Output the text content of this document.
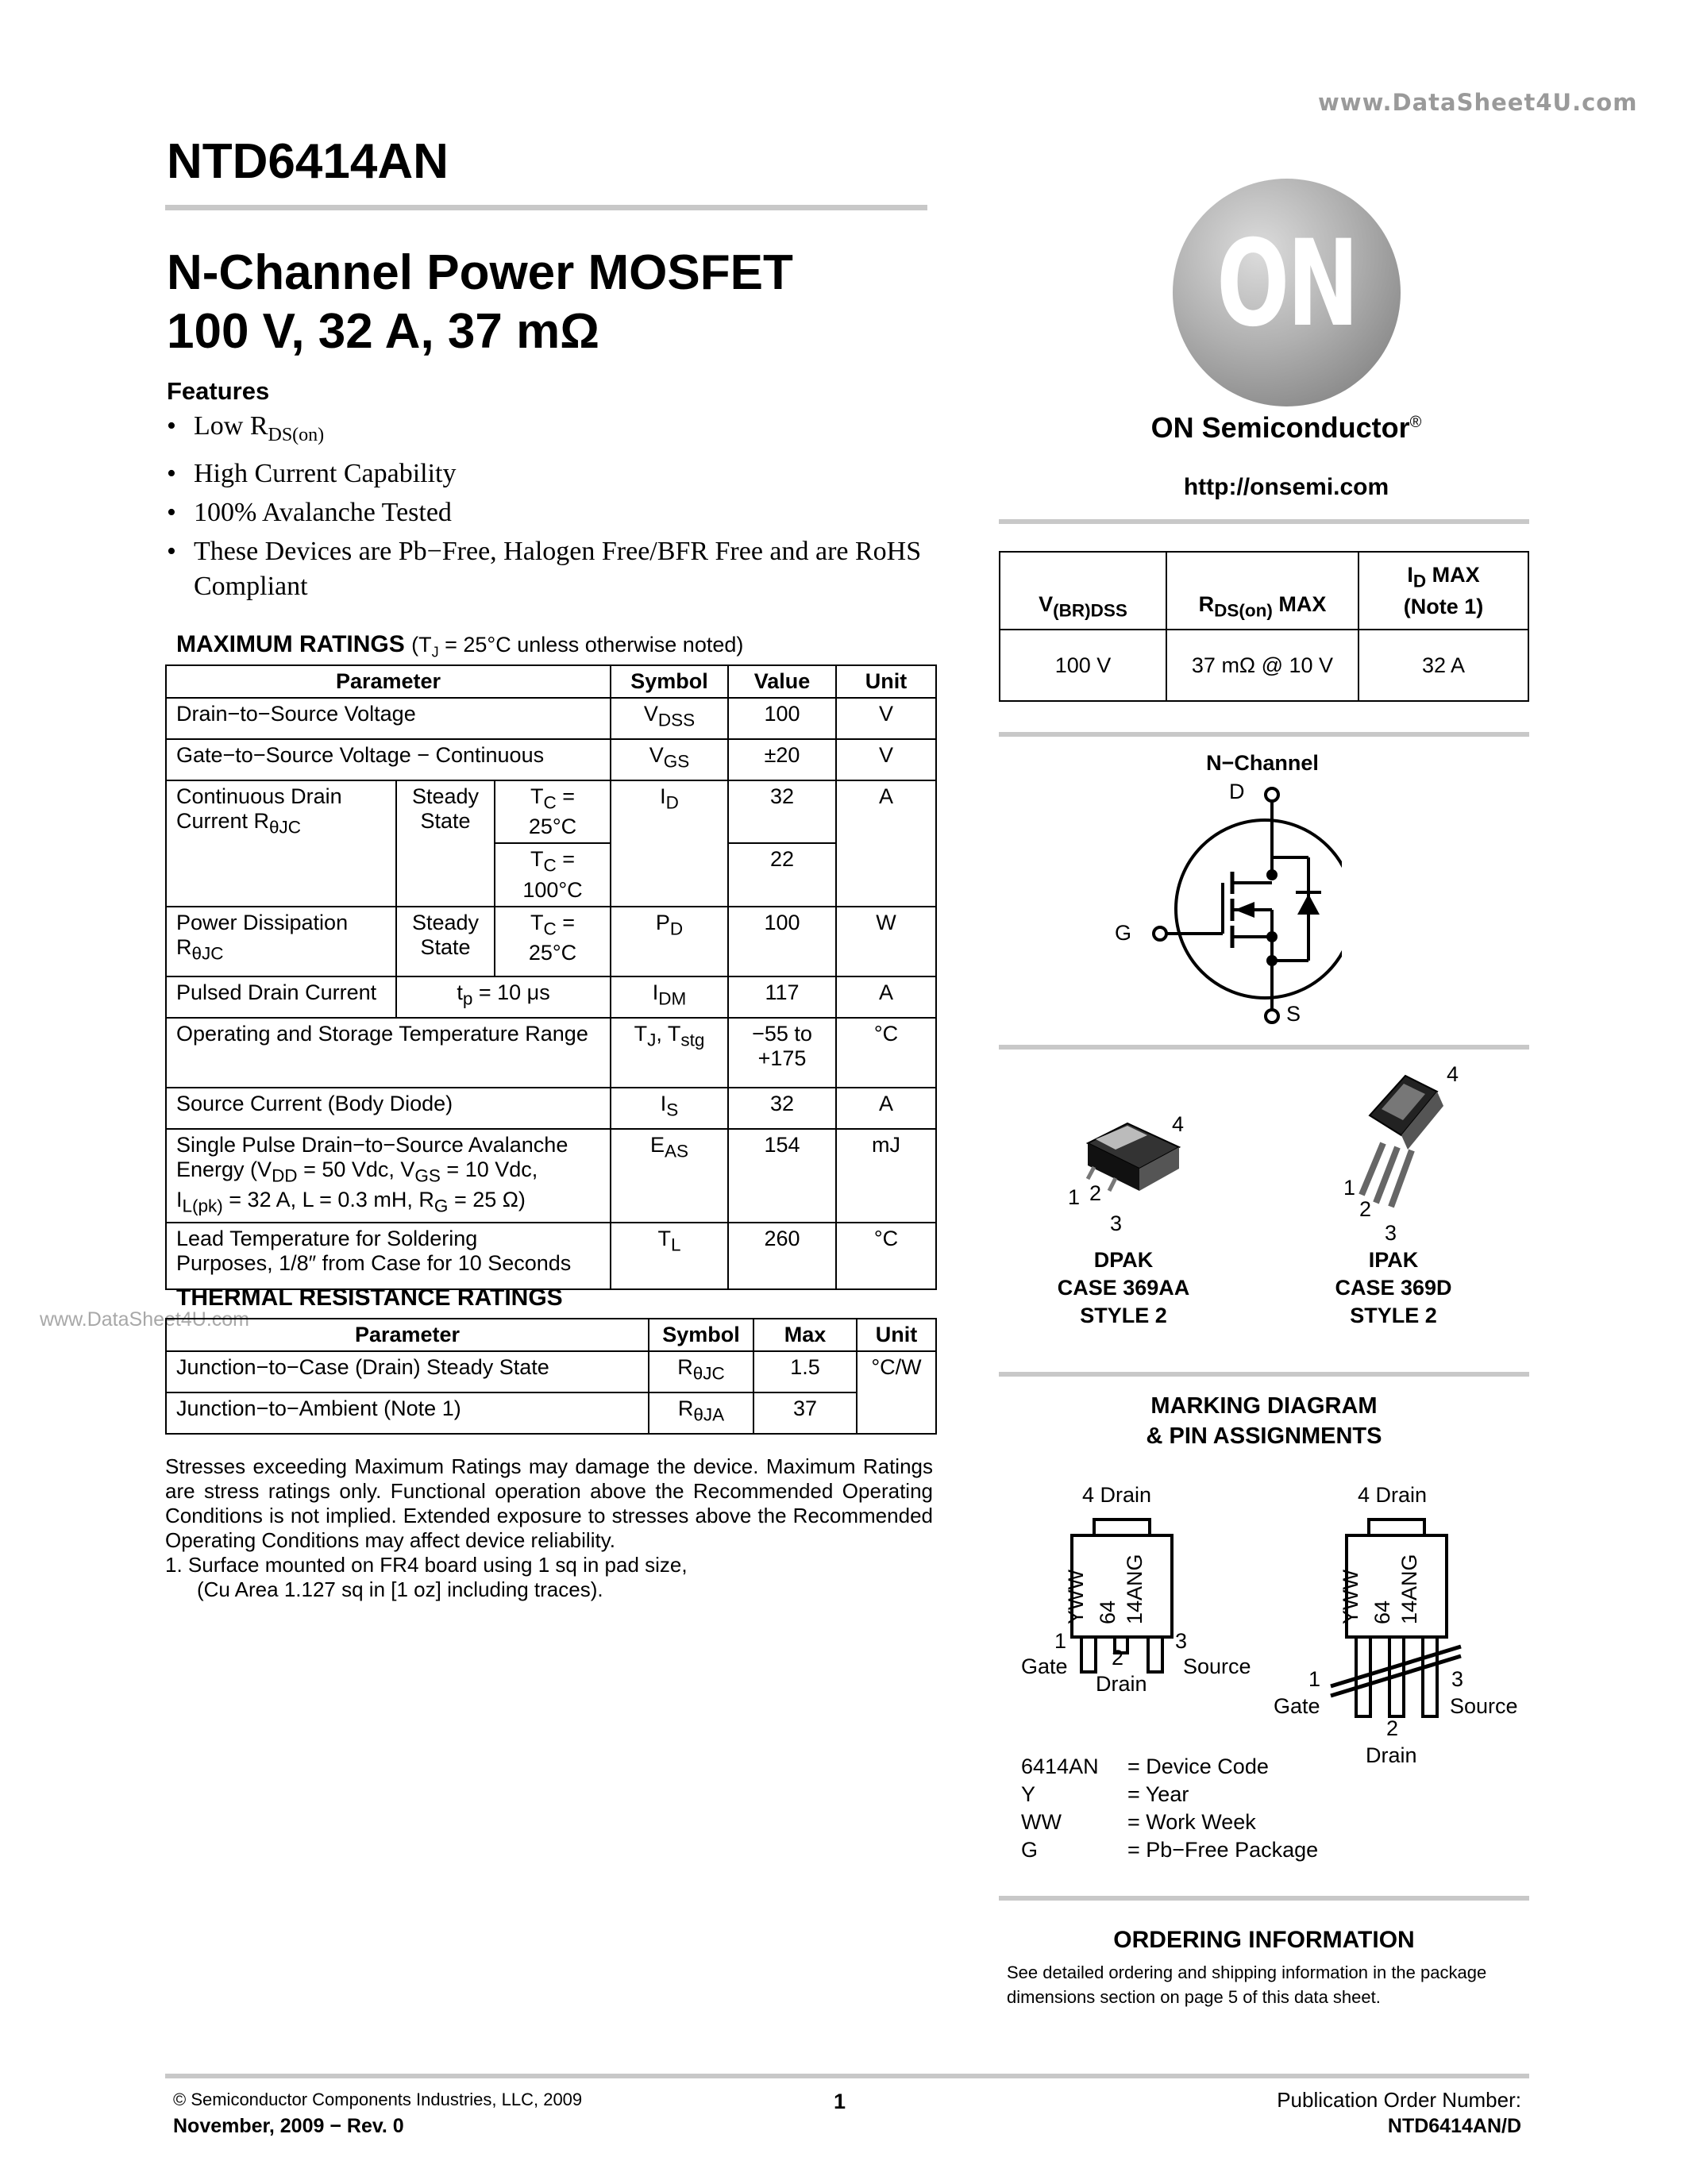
www.DataSheet4U.com
www.DataSheet4U.com
NTD6414AN
N-Channel Power MOSFET
100 V, 32 A, 37 mΩ
Features
• Low $R_{DS(on)}$
• High Current Capability
• 100% Avalanche Tested
• These Devices are Pb−Free, Halogen Free/BFR Free and are RoHS Compliant
MAXIMUM RATINGS ($T_J = 25^\circ C$ unless otherwise noted)
Parameter			Symbol	Value	Unit
Drain−to−Source Voltage			$V_{DSS}$	100	V
Gate−to−Source Voltage − Continuous			$V_{GS}$	±20	V

Continuous Drain
Current $R_{\theta JC}$	Steady State	$T_C = 25^\circ C$	$I_D$	32	A
		$T_C = 100^\circ C$		22	

Power Dissipation
$R_{\theta JC}$	Steady State	$T_C = 25^\circ C$	$P_D$	100	W
Pulsed Drain Current	$t_p = 10$ μs		$I_{DM}$	117	A
Operating and Storage Temperature Range			$T_J$, $T_{stg}$	−55 to +175	°C
Source Current (Body Diode)			$I_S$	32	A

Single Pulse Drain−to−Source Avalanche
Energy ($V_{DD} = 50$ Vdc, $V_{GS} = 10$ Vdc,
$I_{L(pk)} = 32$ A, L = 0.3 mH, $R_G = 25$ Ω)			$E_{AS}$	154	mJ

Lead Temperature for Soldering
Purposes, 1/8″ from Case for 10 Seconds			$T_L$	260	°C
THERMAL RESISTANCE RATINGS
Parameter	Symbol	Max	Unit
Junction−to−Case (Drain) Steady State	$R_{\theta JC}$	1.5	°C/W
Junction−to−Ambient (Note 1)	$R_{\theta JA}$	37	
Stresses exceeding Maximum Ratings may damage the device. Maximum Ratings are stress ratings only. Functional operation above the Recommended Operating Conditions is not implied. Extended exposure to stresses above the Recommended Operating Conditions may affect device reliability.
1. Surface mounted on FR4 board using 1 sq in pad size,
(Cu Area 1.127 sq in [1 oz] including traces).
ON
ON Semiconductor®
http://onsemi.com
$V_{(BR)DSS}$	$R_{DS(on)}$ MAX	$I_D$ MAX
(Note 1)

100 V	37 mΩ @ 10 V	32 A
N−Channel
D
G
S
4
1 2
3
DPAK
CASE 369AA
STYLE 2
4
1
2
3
IPAK
CASE 369D
STYLE 2
MARKING DIAGRAM
& PIN ASSIGNMENTS
4 Drain
YWW 64 14ANG
1
Gate 2
Drain
3
Source
4 Drain
YWW 64 14ANG
1
Gate
2
Drain
3
Source
6414AN = Device Code
Y	= Year
WW	= Work Week
G	= Pb−Free Package
ORDERING INFORMATION
See detailed ordering and shipping information in the package dimensions section on page 5 of this data sheet.
© Semiconductor Components Industries, LLC, 2009
November, 2009 − Rev. 0
1	Publication Order Number:
NTD6414AN/D
